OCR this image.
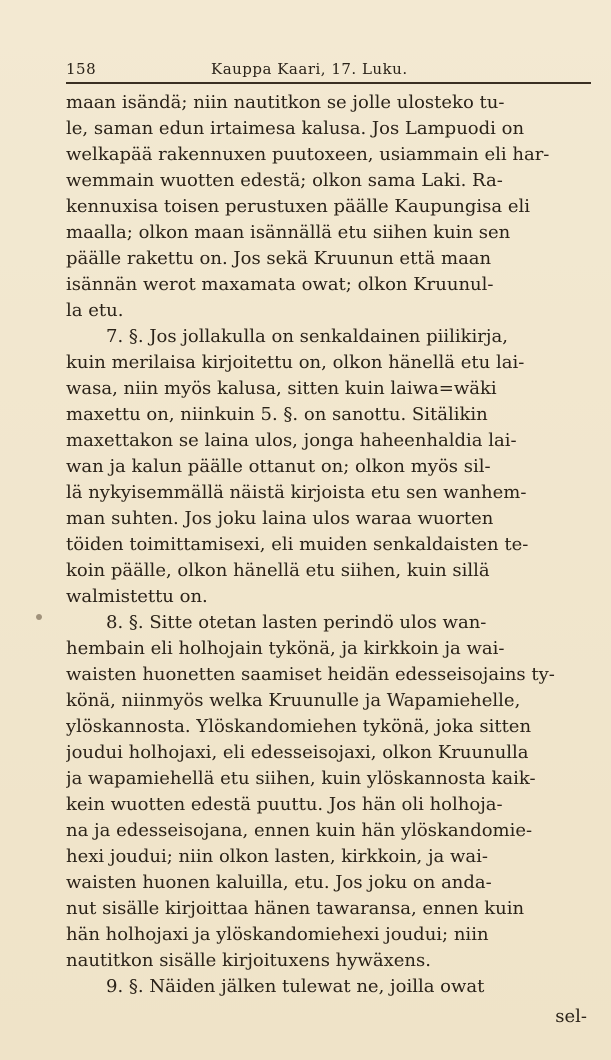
158	Kauppa Kaari, 17. Luku.
maan isändä; niin nautitkon se jolle ulosteko tu-
le, saman edun irtaimesa kalusa. Jos Lampuodi on
welkapää rakennuxen puutoxeen, usiammain eli har-
wemmain wuotten edestä; olkon sama Laki. Ra-
kennuxisa toisen perustuxen päälle Kaupungisa eli
maalla; olkon maan isännällä etu siihen kuin sen
päälle rakettu on. Jos sekä Kruunun että maan
isännän werot maxamata owat; olkon Kruunul-
la etu.
7. §. Jos jollakulla on senkaldainen piilikirja,
kuin merilaisa kirjoitettu on, olkon hänellä etu lai-
wasa, niin myös kalusa, sitten kuin laiwa=wäki
maxettu on, niinkuin 5. §. on sanottu. Sitälikin
maxettakon se laina ulos, jonga haheenhaldia lai-
wan ja kalun päälle ottanut on; olkon myös sil-
lä nykyisemmällä näistä kirjoista etu sen wanhem-
man suhten. Jos joku laina ulos waraa wuorten
töiden toimittamisexi, eli muiden senkaldaisten te-
koin päälle, olkon hänellä etu siihen, kuin sillä
walmistettu on.
8. §. Sitte otetan lasten perindö ulos wan-
hembain eli holhojain tykönä, ja kirkkoin ja wai-
waisten huonetten saamiset heidän edesseisojains ty-
könä, niinmyös welka Kruunulle ja Wapamiehelle,
ylöskannosta. Ylöskandomiehen tykönä, joka sitten
joudui holhojaxi, eli edesseisojaxi, olkon Kruunulla
ja wapamiehellä etu siihen, kuin ylöskannosta kaik-
kein wuotten edestä puuttu. Jos hän oli holhoja-
na ja edesseisojana, ennen kuin hän ylöskandomie-
hexi joudui; niin olkon lasten, kirkkoin, ja wai-
waisten huonen kaluilla, etu. Jos joku on anda-
nut sisälle kirjoittaa hänen tawaransa, ennen kuin
hän holhojaxi ja ylöskandomiehexi joudui; niin
nautitkon sisälle kirjoituxens hywäxens.
9. §. Näiden jälken tulewat ne, joilla owat
sel-
